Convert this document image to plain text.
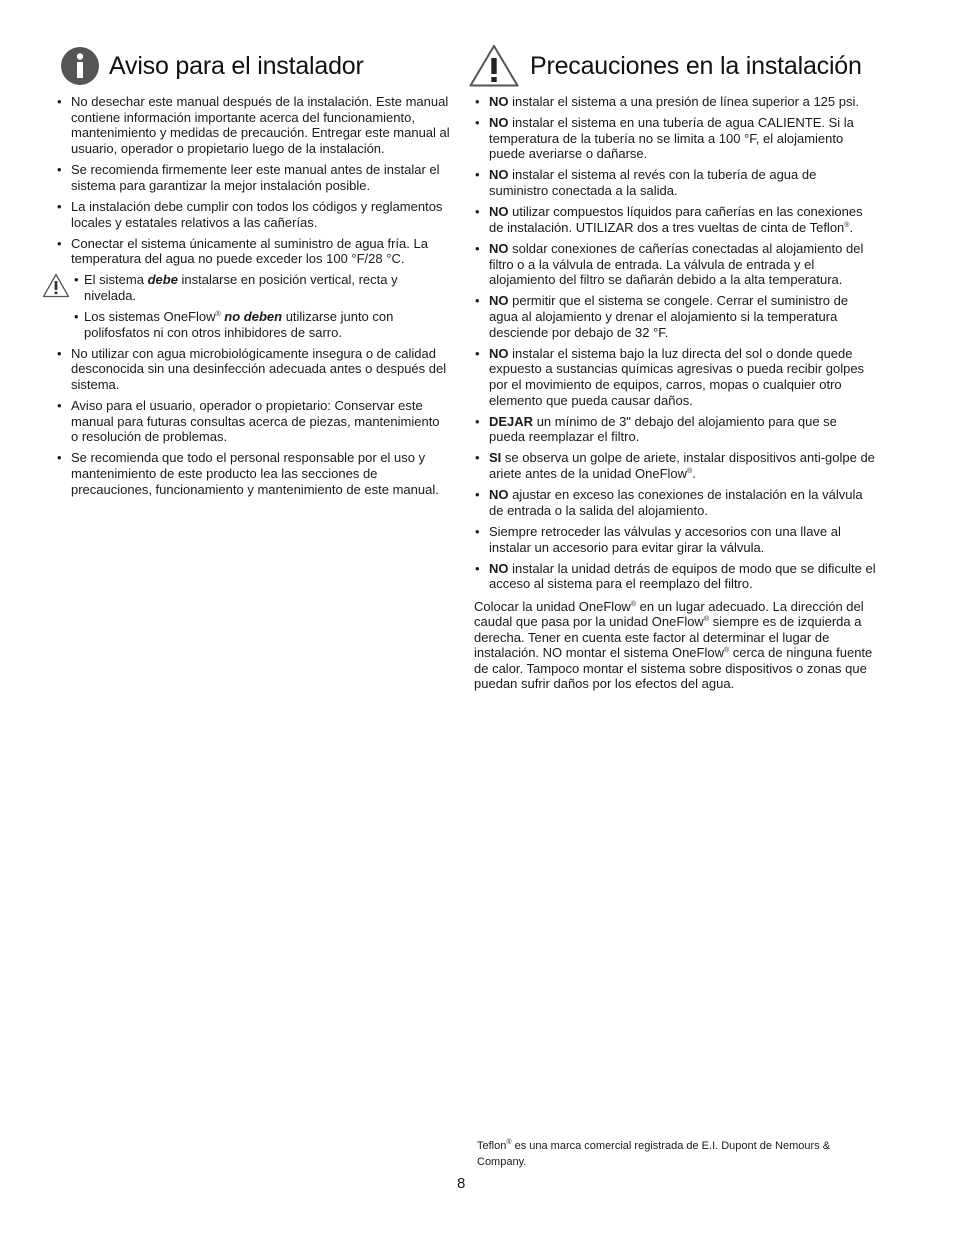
Aviso para el instalador
• No desechar este manual después de la instalación. Este manual contiene información importante acerca del funcionamiento, mantenimiento y medidas de precaución. Entregar este manual al usuario, operador o propietario luego de la instalación.
• Se recomienda firmemente leer este manual antes de instalar el sistema para garantizar la mejor instalación posible.
• La instalación debe cumplir con todos los códigos y reglamentos locales y estatales relativos a las cañerías.
• Conectar el sistema únicamente al suministro de agua fría. La temperatura del agua no puede exceder los 100 °F/28 °C.
• El sistema debe instalarse en posición vertical, recta y nivelada.
• Los sistemas OneFlow® no deben utilizarse junto con polifosfatos ni con otros inhibidores de sarro.
• No utilizar con agua microbiológicamente insegura o de calidad desconocida sin una desinfección adecuada antes o después del sistema.
• Aviso para el usuario, operador o propietario: Conservar este manual para futuras consultas acerca de piezas, mantenimiento o resolución de problemas.
• Se recomienda que todo el personal responsable por el uso y mantenimiento de este producto lea las secciones de precauciones, funcionamiento y mantenimiento de este manual.
Precauciones en la instalación
• NO instalar el sistema a una presión de línea superior a 125 psi.
• NO instalar el sistema en una tubería de agua CALIENTE. Si la temperatura de la tubería no se limita a 100 °F, el alojamiento puede averiarse o dañarse.
• NO instalar el sistema al revés con la tubería de agua de suministro conectada a la salida.
• NO utilizar compuestos líquidos para cañerías en las conexiones de instalación. UTILIZAR dos a tres vueltas de cinta de Teflon®.
• NO soldar conexiones de cañerías conectadas al alojamiento del filtro o a la válvula de entrada. La válvula de entrada y el alojamiento del filtro se dañarán debido a la alta temperatura.
• NO permitir que el sistema se congele. Cerrar el suministro de agua al alojamiento y drenar el alojamiento si la temperatura desciende por debajo de 32 °F.
• NO instalar el sistema bajo la luz directa del sol o donde quede expuesto a sustancias químicas agresivas o pueda recibir golpes por el movimiento de equipos, carros, mopas o cualquier otro elemento que pueda causar daños.
• DEJAR un mínimo de 3" debajo del alojamiento para que se pueda reemplazar el filtro.
• SI se observa un golpe de ariete, instalar dispositivos anti-golpe de ariete antes de la unidad OneFlow®.
• NO ajustar en exceso las conexiones de instalación en la válvula de entrada o la salida del alojamiento.
• Siempre retroceder las válvulas y accesorios con una llave al instalar un accesorio para evitar girar la válvula.
• NO instalar la unidad detrás de equipos de modo que se dificulte el acceso al sistema para el reemplazo del filtro.

Colocar la unidad OneFlow® en un lugar adecuado. La dirección del caudal que pasa por la unidad OneFlow® siempre es de izquierda a derecha. Tener en cuenta este factor al determinar el lugar de instalación. NO montar el sistema OneFlow® cerca de ninguna fuente de calor. Tampoco montar el sistema sobre dispositivos o zonas que puedan sufrir daños por los efectos del agua.

Teflon® es una marca comercial registrada de E.I. Dupont de Nemours & Company.
8
